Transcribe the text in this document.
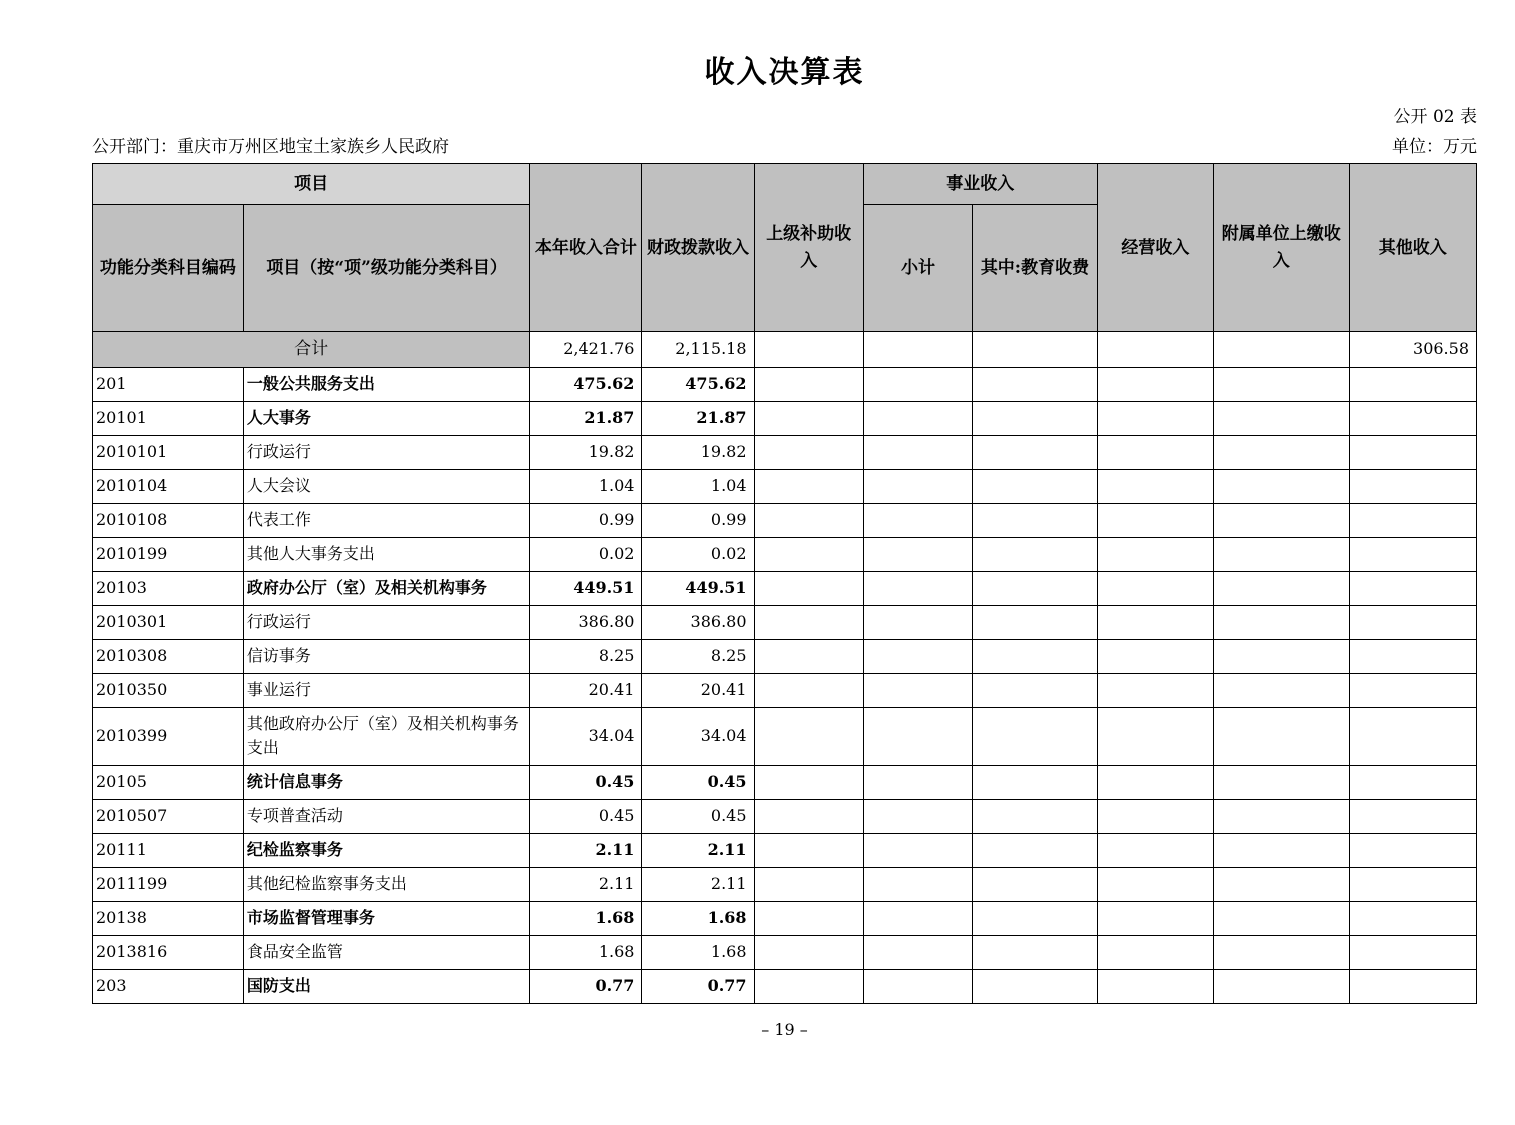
收入决算表
公开 02 表
公开部门：重庆市万州区地宝土家族乡人民政府	单位：万元
项目		本年收入合计	财政拨款收入	上级补助收入	事业收入		经营收入	附属单位上缴收入	其他收入
功能分类科目编码	项目（按“项”级功能分类科目）				小计	其中:教育收费			
合计		2,421.76	2,115.18						306.58
201	一般公共服务支出	475.62	475.62						
20101	人大事务	21.87	21.87						
2010101	行政运行	19.82	19.82						
2010104	人大会议	1.04	1.04						
2010108	代表工作	0.99	0.99						
2010199	其他人大事务支出	0.02	0.02						
20103	政府办公厅（室）及相关机构事务	449.51	449.51						
2010301	行政运行	386.80	386.80						
2010308	信访事务	8.25	8.25						
2010350	事业运行	20.41	20.41						
2010399	其他政府办公厅（室）及相关机构事务支出	34.04	34.04						
20105	统计信息事务	0.45	0.45						
2010507	专项普查活动	0.45	0.45						
20111	纪检监察事务	2.11	2.11						
2011199	其他纪检监察事务支出	2.11	2.11						
20138	市场监督管理事务	1.68	1.68						
2013816	食品安全监管	1.68	1.68						
203	国防支出	0.77	0.77						
– 19 –
